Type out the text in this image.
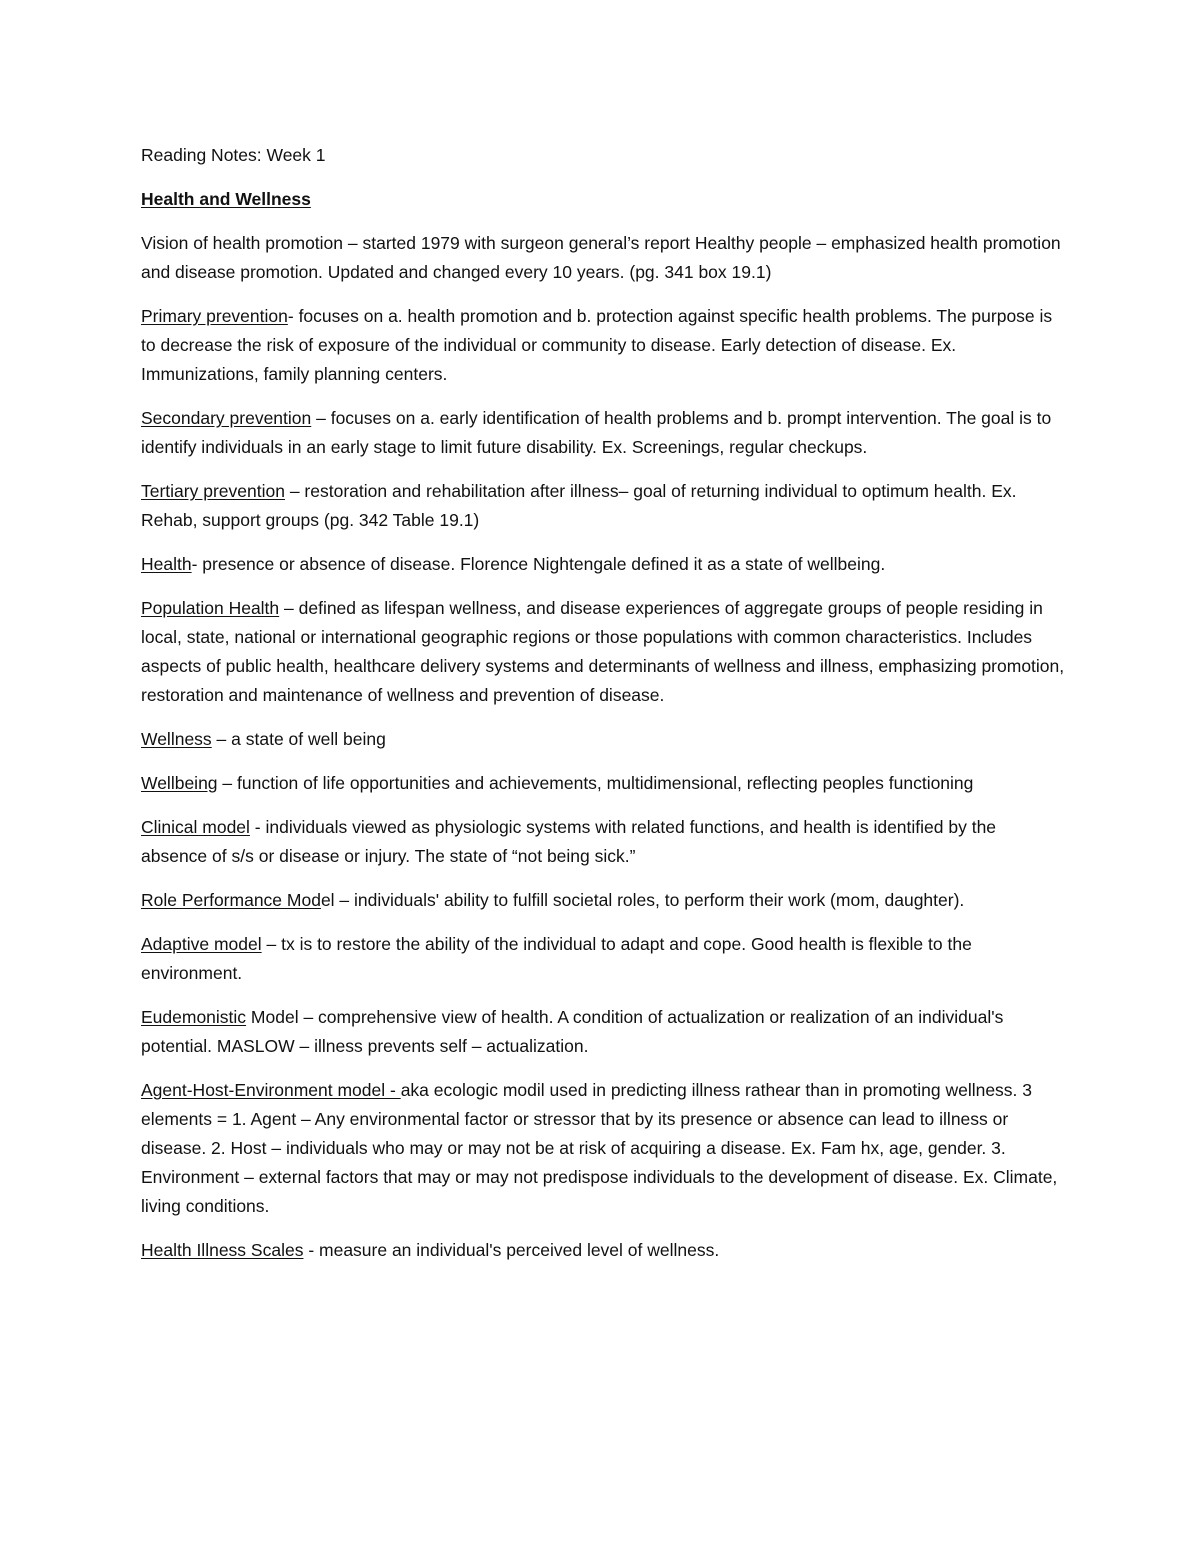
Reading Notes: Week 1

Health and Wellness

Vision of health promotion – started 1979 with surgeon general’s report Healthy people – emphasized health promotion and disease promotion. Updated and changed every 10 years. (pg. 341 box 19.1)

Primary prevention- focuses on a. health promotion and b. protection against specific health problems. The purpose is to decrease the risk of exposure of the individual or community to disease. Early detection of disease. Ex. Immunizations, family planning centers.

Secondary prevention – focuses on a. early identification of health problems and b. prompt intervention. The goal is to identify individuals in an early stage to limit future disability. Ex. Screenings, regular checkups.

Tertiary prevention – restoration and rehabilitation after illness– goal of returning individual to optimum health. Ex. Rehab, support groups (pg. 342 Table 19.1)

Health- presence or absence of disease. Florence Nightengale defined it as a state of wellbeing.

Population Health – defined as lifespan wellness, and disease experiences of aggregate groups of people residing in local, state, national or international geographic regions or those populations with common characteristics. Includes aspects of public health, healthcare delivery systems and determinants of wellness and illness, emphasizing promotion, restoration and maintenance of wellness and prevention of disease.

Wellness – a state of well being

Wellbeing – function of life opportunities and achievements, multidimensional, reflecting peoples functioning

Clinical model - individuals viewed as physiologic systems with related functions, and health is identified by the absence of s/s or disease or injury. The state of “not being sick.”

Role Performance Model – individuals' ability to fulfill societal roles, to perform their work (mom, daughter).

Adaptive model – tx is to restore the ability of the individual to adapt and cope. Good health is flexible to the environment.

Eudemonistic Model – comprehensive view of health. A condition of actualization or realization of an individual's potential. MASLOW – illness prevents self – actualization.

Agent-Host-Environment model - aka ecologic modil used in predicting illness rathear than in promoting wellness. 3 elements = 1. Agent – Any environmental factor or stressor that by its presence or absence can lead to illness or disease. 2. Host – individuals who may or may not be at risk of acquiring a disease. Ex. Fam hx, age, gender. 3. Environment – external factors that may or may not predispose individuals to the development of disease. Ex. Climate, living conditions.

Health Illness Scales - measure an individual's perceived level of wellness.
